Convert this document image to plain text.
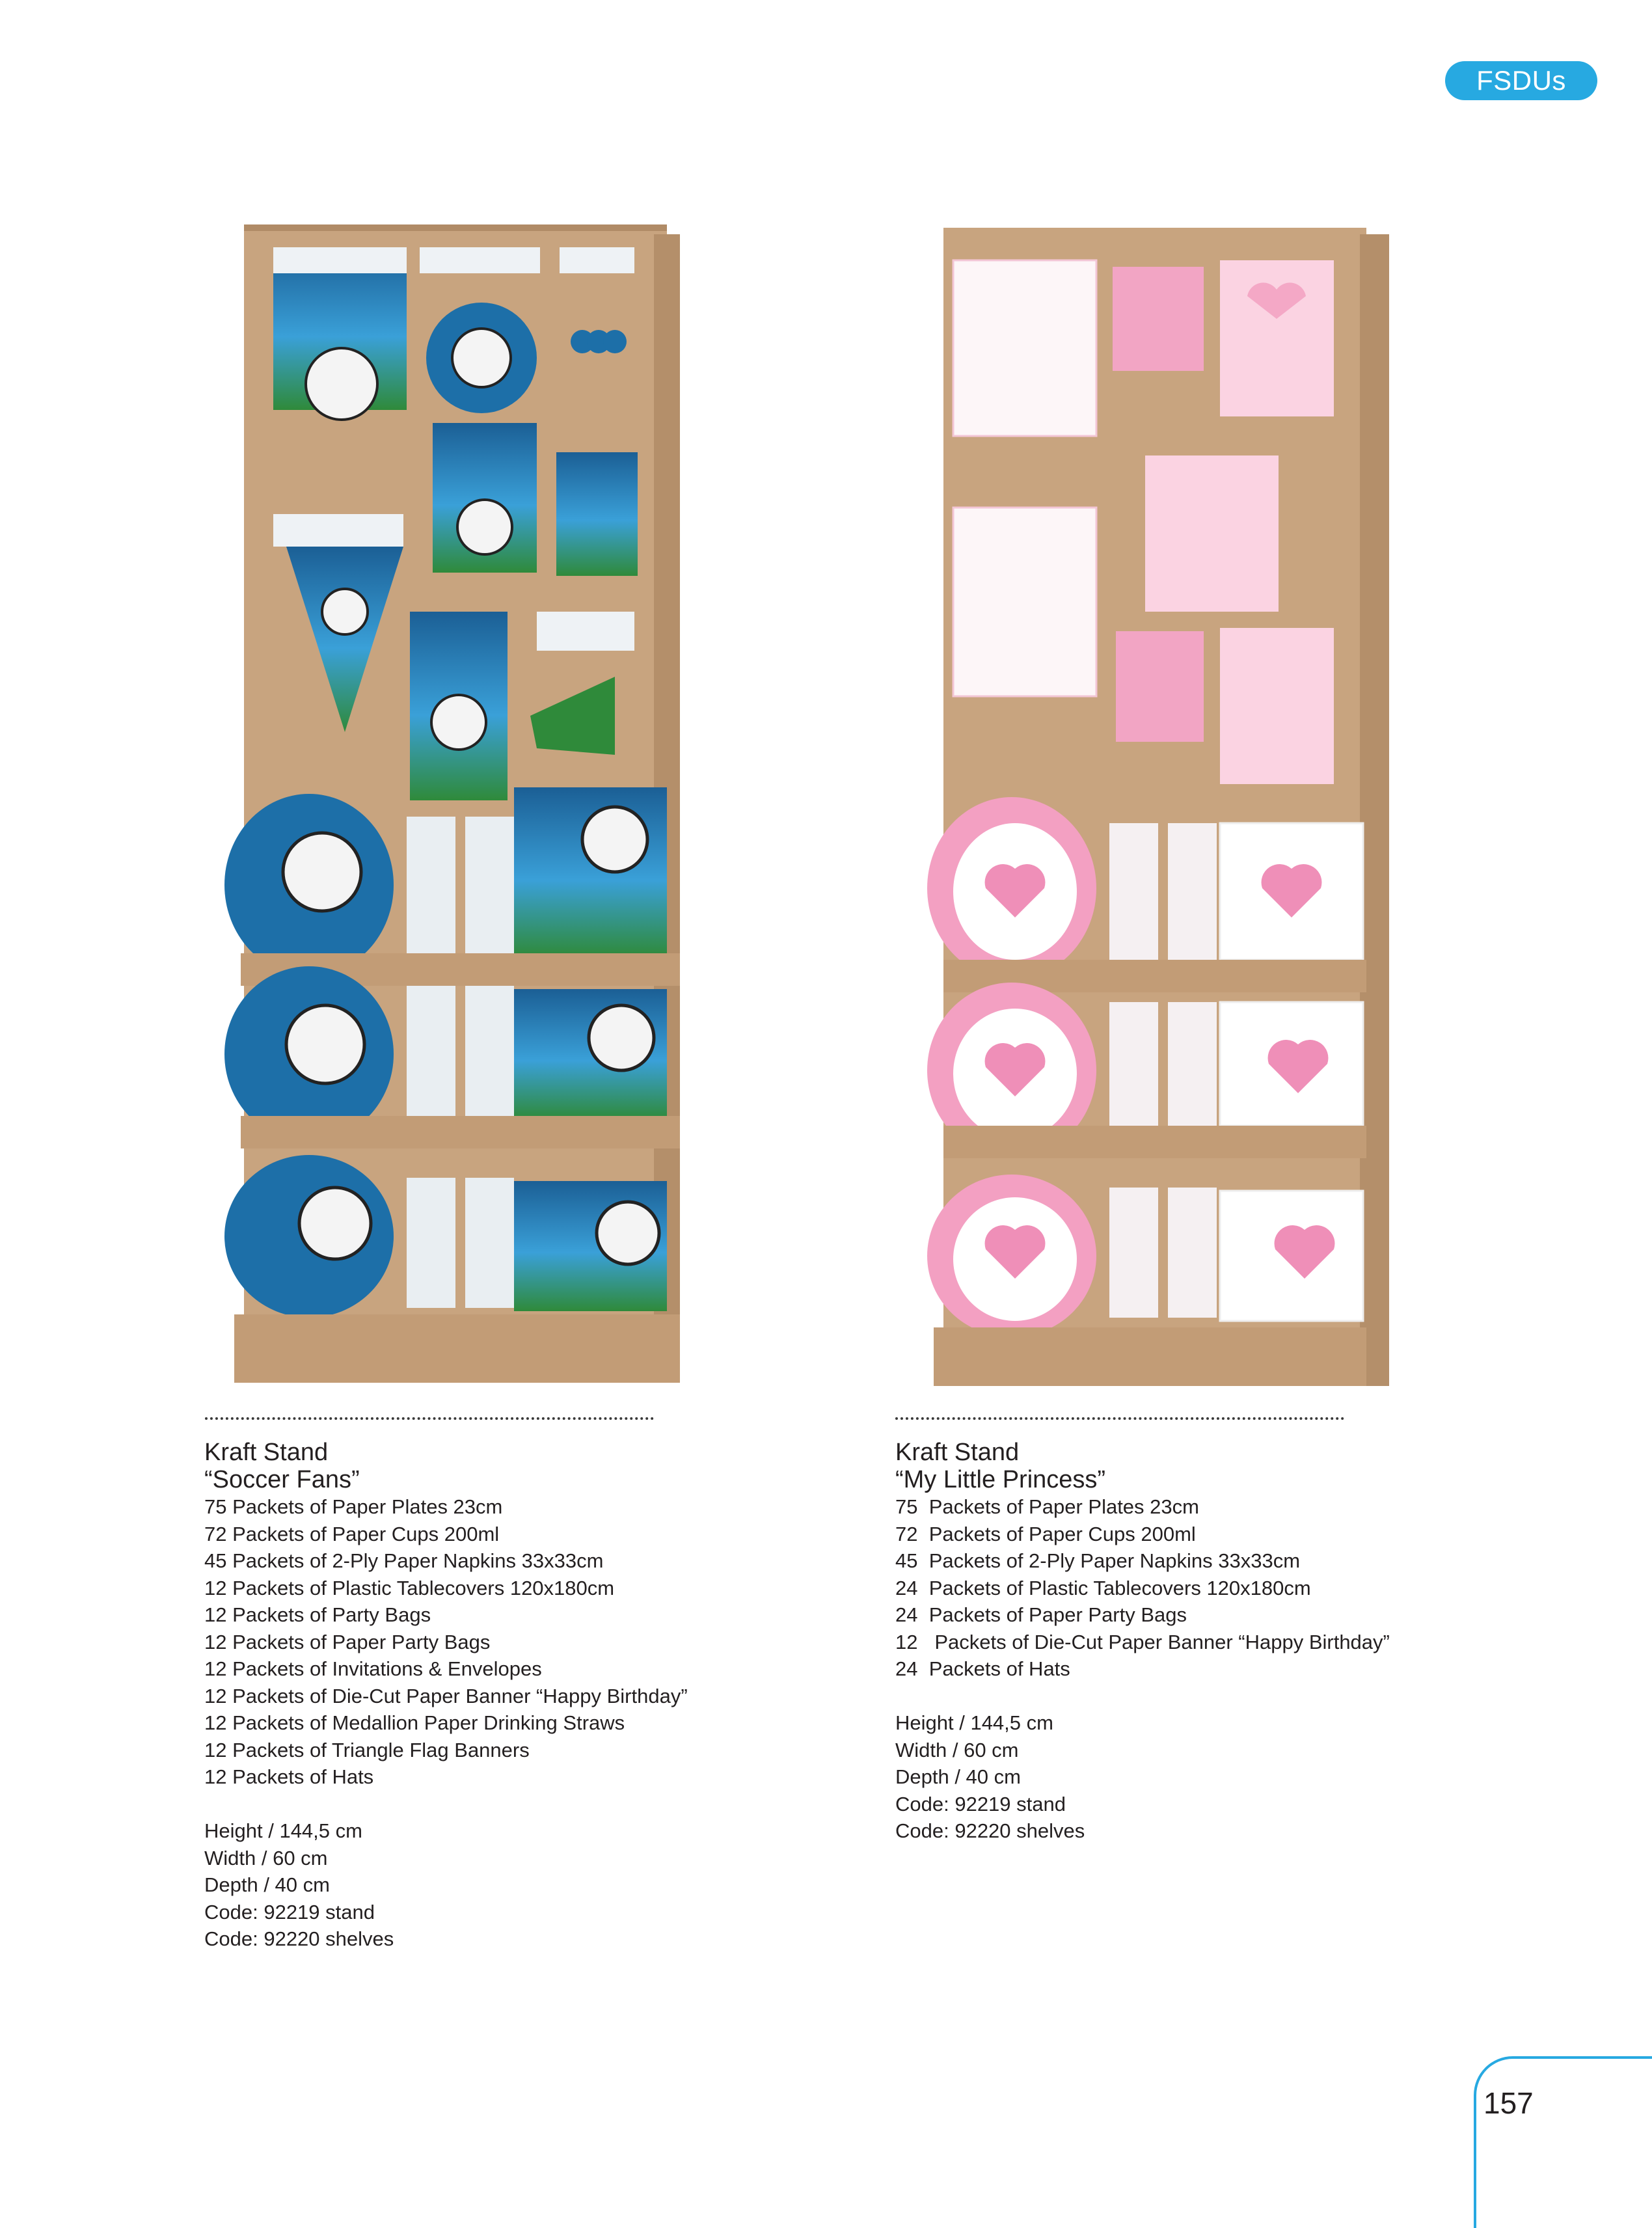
FSDUs
Kraft Stand
“Soccer Fans”
75 Packets of Paper Plates 23cm
72 Packets of Paper Cups 200ml
45 Packets of 2-Ply Paper Napkins 33x33cm
12 Packets of Plastic Tablecovers 120x180cm
12 Packets of Party Bags
12 Packets of Paper Party Bags
12 Packets of Invitations & Envelopes
12 Packets of Die-Cut Paper Banner “Happy Birthday”
12 Packets of Medallion Paper Drinking Straws
12 Packets of Triangle Flag Banners
12 Packets of Hats
Height / 144,5 cm
Width / 60 cm
Depth / 40 cm
Code: 92219 stand
Code: 92220 shelves
Kraft Stand
“My Little Princess”
75  Packets of Paper Plates 23cm
72  Packets of Paper Cups 200ml
45  Packets of 2-Ply Paper Napkins 33x33cm
24  Packets of Plastic Tablecovers 120x180cm
24  Packets of Paper Party Bags
12   Packets of Die-Cut Paper Banner “Happy Birthday”
24  Packets of Hats
Height / 144,5 cm
Width / 60 cm
Depth / 40 cm
Code: 92219 stand
Code: 92220 shelves
157
